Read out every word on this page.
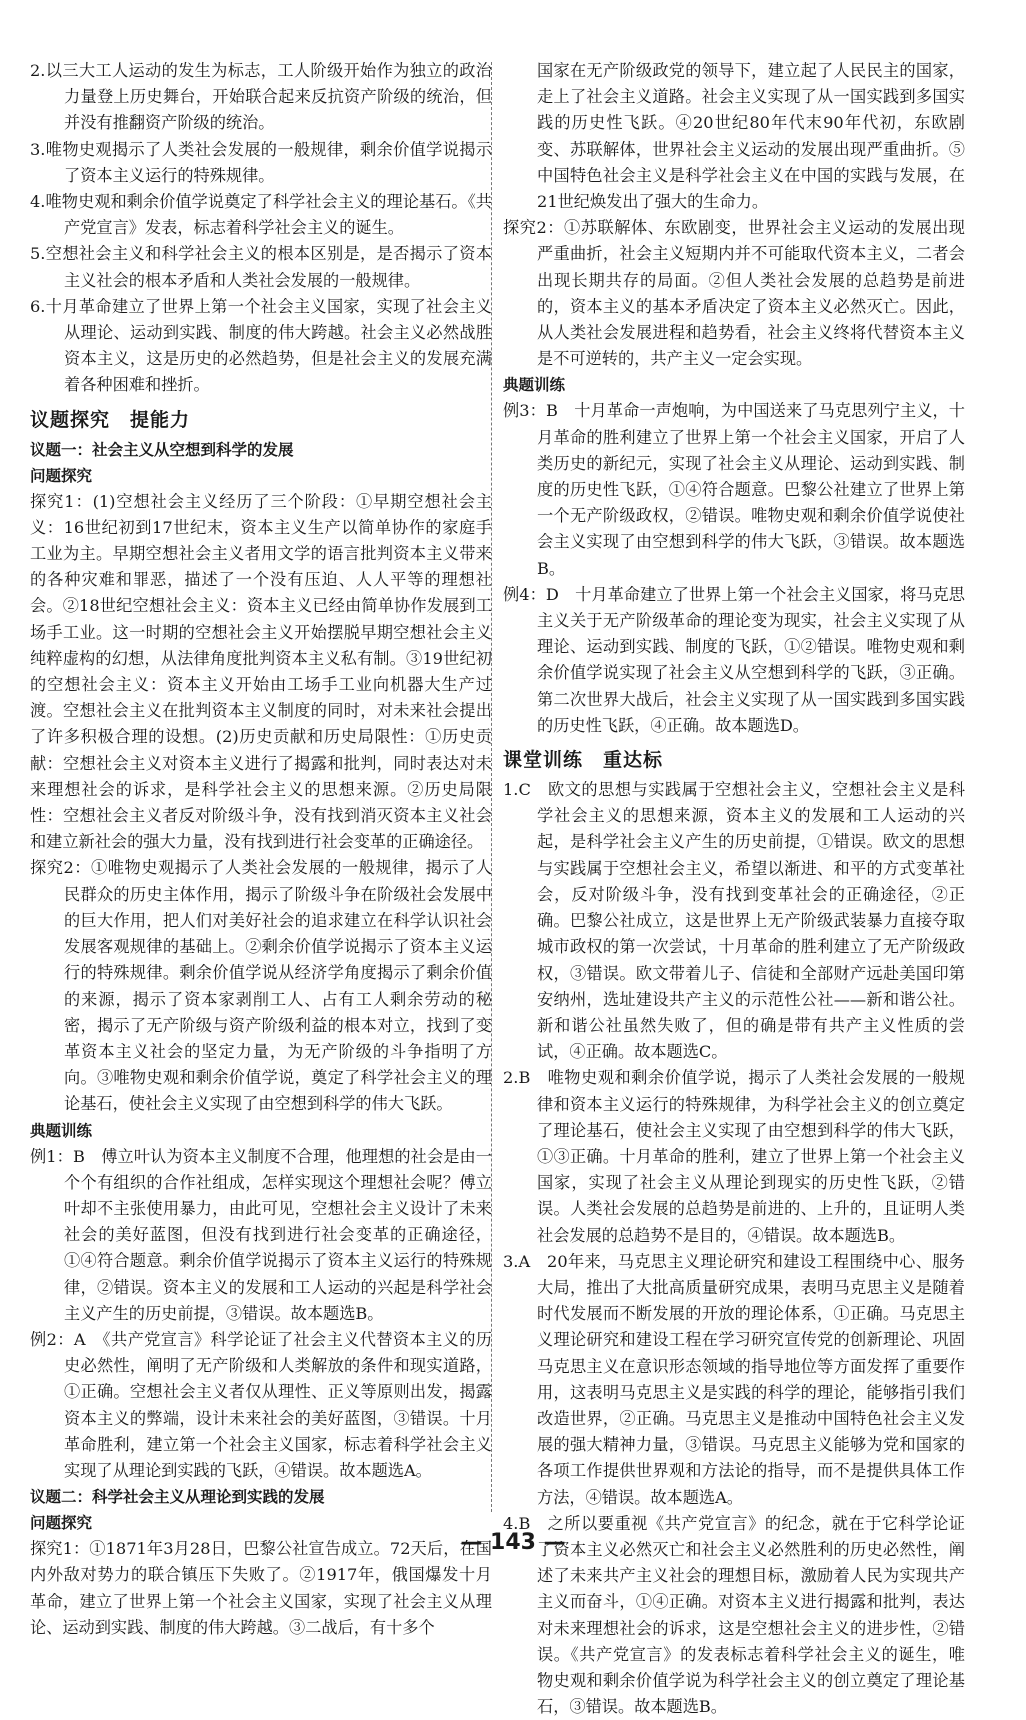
2.以三大工人运动的发生为标志，工人阶级开始作为独立的政治力量登上历史舞台，开始联合起来反抗资产阶级的统治，但并没有推翻资产阶级的统治。

3.唯物史观揭示了人类社会发展的一般规律，剩余价值学说揭示了资本主义运行的特殊规律。

4.唯物史观和剩余价值学说奠定了科学社会主义的理论基石。《共产党宣言》发表，标志着科学社会主义的诞生。

5.空想社会主义和科学社会主义的根本区别是，是否揭示了资本主义社会的根本矛盾和人类社会发展的一般规律。

6.十月革命建立了世界上第一个社会主义国家，实现了社会主义从理论、运动到实践、制度的伟大跨越。社会主义必然战胜资本主义，这是历史的必然趋势，但是社会主义的发展充满着各种困难和挫折。

议题探究　提能力
议题一：社会主义从空想到科学的发展
问题探究

探究1：(1)空想社会主义经历了三个阶段：①早期空想社会主义：16世纪初到17世纪末，资本主义生产以简单协作的家庭手工业为主。早期空想社会主义者用文学的语言批判资本主义带来的各种灾难和罪恶，描述了一个没有压迫、人人平等的理想社会。②18世纪空想社会主义：资本主义已经由简单协作发展到工场手工业。这一时期的空想社会主义开始摆脱早期空想社会主义纯粹虚构的幻想，从法律角度批判资本主义私有制。③19世纪初的空想社会主义：资本主义开始由工场手工业向机器大生产过渡。空想社会主义在批判资本主义制度的同时，对未来社会提出了许多积极合理的设想。(2)历史贡献和历史局限性：①历史贡献：空想社会主义对资本主义进行了揭露和批判，同时表达对未来理想社会的诉求，是科学社会主义的思想来源。②历史局限性：空想社会主义者反对阶级斗争，没有找到消灭资本主义社会和建立新社会的强大力量，没有找到进行社会变革的正确途径。

探究2：①唯物史观揭示了人类社会发展的一般规律，揭示了人民群众的历史主体作用，揭示了阶级斗争在阶级社会发展中的巨大作用，把人们对美好社会的追求建立在科学认识社会发展客观规律的基础上。②剩余价值学说揭示了资本主义运行的特殊规律。剩余价值学说从经济学角度揭示了剩余价值的来源，揭示了资本家剥削工人、占有工人剩余劳动的秘密，揭示了无产阶级与资产阶级利益的根本对立，找到了变革资本主义社会的坚定力量，为无产阶级的斗争指明了方向。③唯物史观和剩余价值学说，奠定了科学社会主义的理论基石，使社会主义实现了由空想到科学的伟大飞跃。

典题训练

例1：B　傅立叶认为资本主义制度不合理，他理想的社会是由一个个有组织的合作社组成，怎样实现这个理想社会呢？傅立叶却不主张使用暴力，由此可见，空想社会主义设计了未来社会的美好蓝图，但没有找到进行社会变革的正确途径，①④符合题意。剩余价值学说揭示了资本主义运行的特殊规律，②错误。资本主义的发展和工人运动的兴起是科学社会主义产生的历史前提，③错误。故本题选B。

例2：A　《共产党宣言》科学论证了社会主义代替资本主义的历史必然性，阐明了无产阶级和人类解放的条件和现实道路，①正确。空想社会主义者仅从理性、正义等原则出发，揭露资本主义的弊端，设计未来社会的美好蓝图，③错误。十月革命胜利，建立第一个社会主义国家，标志着科学社会主义实现了从理论到实践的飞跃，④错误。故本题选A。

议题二：科学社会主义从理论到实践的发展
问题探究

探究1：①1871年3月28日，巴黎公社宣告成立。72天后，在国内外敌对势力的联合镇压下失败了。②1917年，俄国爆发十月革命，建立了世界上第一个社会主义国家，实现了社会主义从理论、运动到实践、制度的伟大跨越。③二战后，有十多个

国家在无产阶级政党的领导下，建立起了人民民主的国家，走上了社会主义道路。社会主义实现了从一国实践到多国实践的历史性飞跃。④20世纪80年代末90年代初，东欧剧变、苏联解体，世界社会主义运动的发展出现严重曲折。⑤中国特色社会主义是科学社会主义在中国的实践与发展，在21世纪焕发出了强大的生命力。

探究2：①苏联解体、东欧剧变，世界社会主义运动的发展出现严重曲折，社会主义短期内并不可能取代资本主义，二者会出现长期共存的局面。②但人类社会发展的总趋势是前进的，资本主义的基本矛盾决定了资本主义必然灭亡。因此，从人类社会发展进程和趋势看，社会主义终将代替资本主义是不可逆转的，共产主义一定会实现。

典题训练

例3：B　十月革命一声炮响，为中国送来了马克思列宁主义，十月革命的胜利建立了世界上第一个社会主义国家，开启了人类历史的新纪元，实现了社会主义从理论、运动到实践、制度的历史性飞跃，①④符合题意。巴黎公社建立了世界上第一个无产阶级政权，②错误。唯物史观和剩余价值学说使社会主义实现了由空想到科学的伟大飞跃，③错误。故本题选B。

例4：D　十月革命建立了世界上第一个社会主义国家，将马克思主义关于无产阶级革命的理论变为现实，社会主义实现了从理论、运动到实践、制度的飞跃，①②错误。唯物史观和剩余价值学说实现了社会主义从空想到科学的飞跃，③正确。第二次世界大战后，社会主义实现了从一国实践到多国实践的历史性飞跃，④正确。故本题选D。

课堂训练　重达标

1.C　欧文的思想与实践属于空想社会主义，空想社会主义是科学社会主义的思想来源，资本主义的发展和工人运动的兴起，是科学社会主义产生的历史前提，①错误。欧文的思想与实践属于空想社会主义，希望以渐进、和平的方式变革社会，反对阶级斗争，没有找到变革社会的正确途径，②正确。巴黎公社成立，这是世界上无产阶级武装暴力直接夺取城市政权的第一次尝试，十月革命的胜利建立了无产阶级政权，③错误。欧文带着儿子、信徒和全部财产远赴美国印第安纳州，选址建设共产主义的示范性公社——新和谐公社。新和谐公社虽然失败了，但的确是带有共产主义性质的尝试，④正确。故本题选C。

2.B　唯物史观和剩余价值学说，揭示了人类社会发展的一般规律和资本主义运行的特殊规律，为科学社会主义的创立奠定了理论基石，使社会主义实现了由空想到科学的伟大飞跃，①③正确。十月革命的胜利，建立了世界上第一个社会主义国家，实现了社会主义从理论到现实的历史性飞跃，②错误。人类社会发展的总趋势是前进的、上升的，且证明人类社会发展的总趋势不是目的，④错误。故本题选B。

3.A　20年来，马克思主义理论研究和建设工程围绕中心、服务大局，推出了大批高质量研究成果，表明马克思主义是随着时代发展而不断发展的开放的理论体系，①正确。马克思主义理论研究和建设工程在学习研究宣传党的创新理论、巩固马克思主义在意识形态领域的指导地位等方面发挥了重要作用，这表明马克思主义是实践的科学的理论，能够指引我们改造世界，②正确。马克思主义是推动中国特色社会主义发展的强大精神力量，③错误。马克思主义能够为党和国家的各项工作提供世界观和方法论的指导，而不是提供具体工作方法，④错误。故本题选A。

4.B　之所以要重视《共产党宣言》的纪念，就在于它科学论证了资本主义必然灭亡和社会主义必然胜利的历史必然性，阐述了未来共产主义社会的理想目标，激励着人民为实现共产主义而奋斗，①④正确。对资本主义进行揭露和批判，表达对未来理想社会的诉求，这是空想社会主义的进步性，②错误。《共产党宣言》的发表标志着科学社会主义的诞生，唯物史观和剩余价值学说为科学社会主义的创立奠定了理论基石，③错误。故本题选B。

— 143 —
